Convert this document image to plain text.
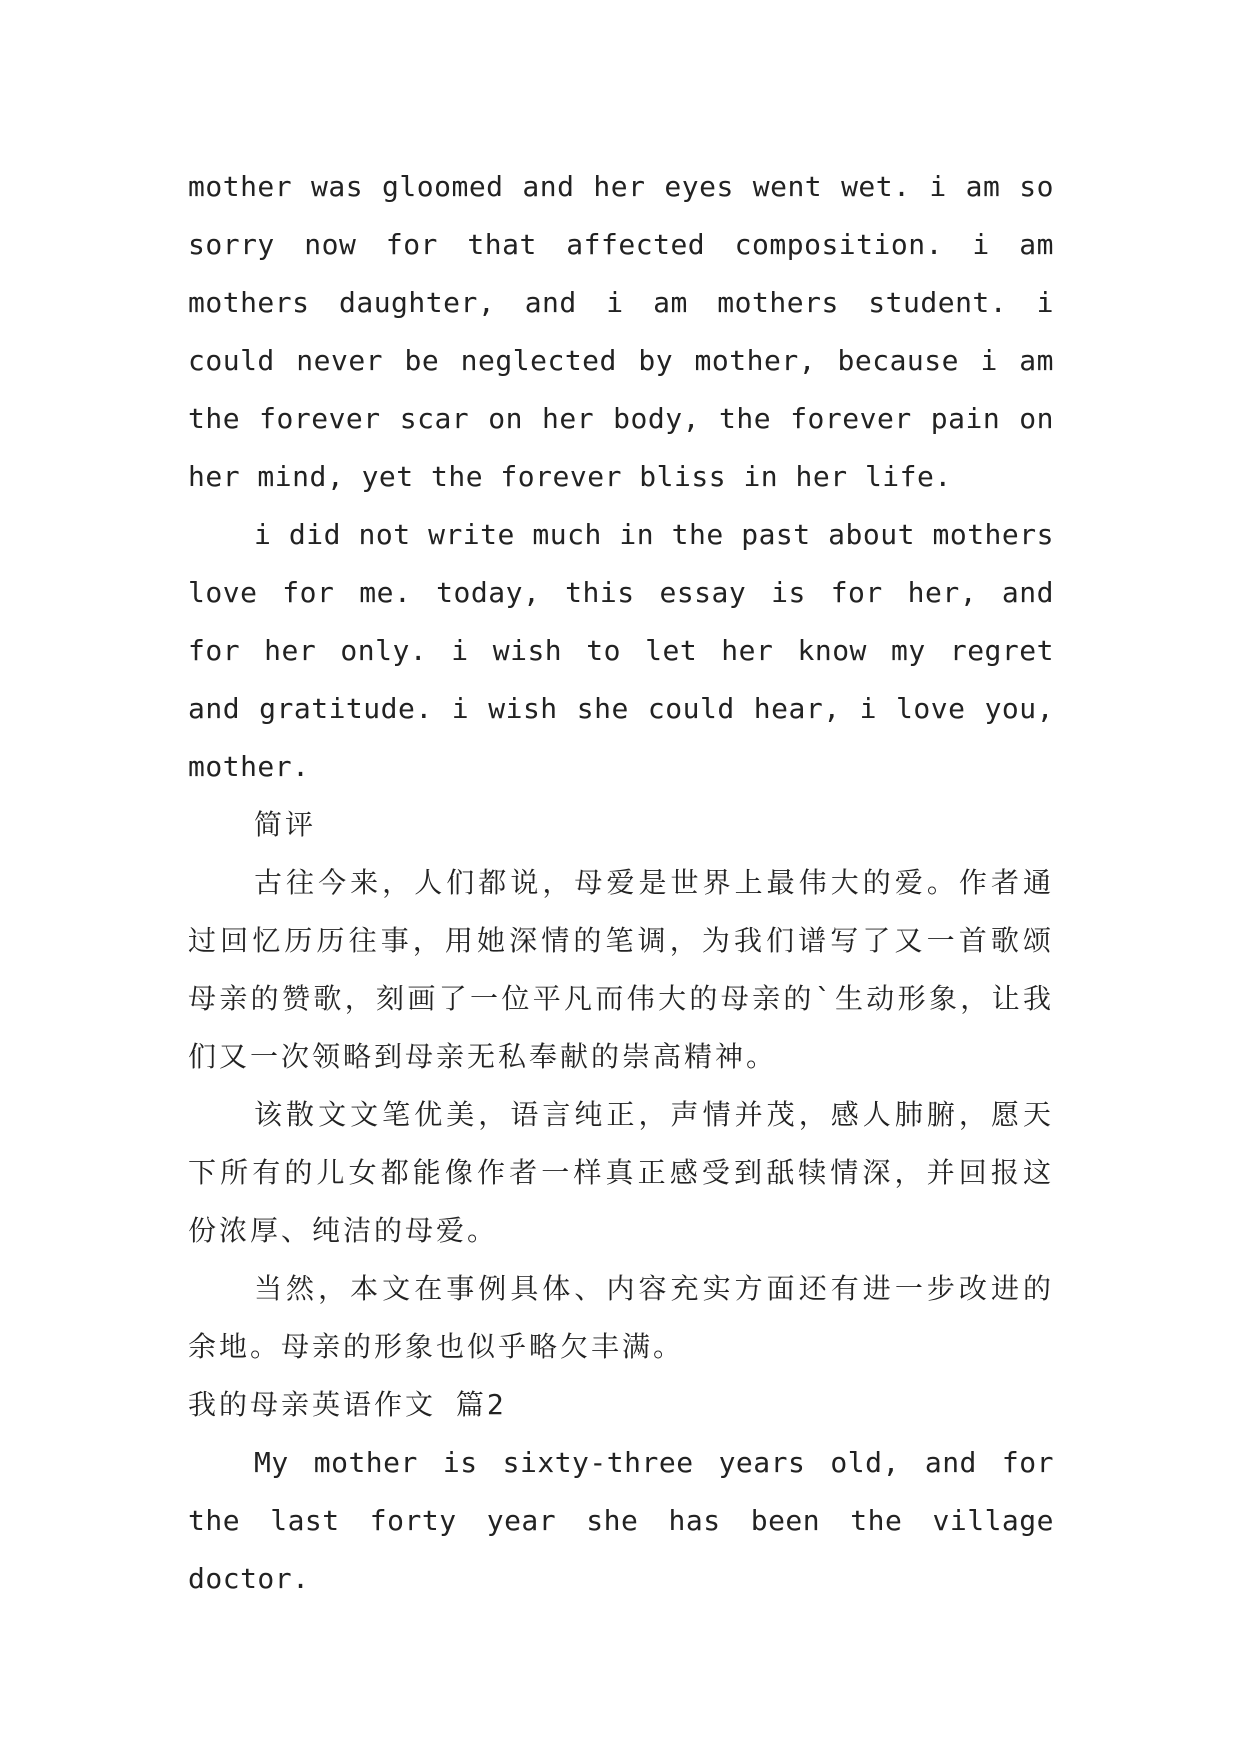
mother was gloomed and her eyes went wet. i am so sorry now for that affected composition. i am mothers daughter, and i am mothers student. i could never be neglected by mother, because i am the forever scar on her body, the forever pain on her mind, yet the forever bliss in her life.

i did not write much in the past about mothers love for me. today, this essay is for her, and for her only. i wish to let her know my regret and gratitude. i wish she could hear, i love you, mother.

简评

古往今来，人们都说，母爱是世界上最伟大的爱。作者通过回忆历历往事，用她深情的笔调，为我们谱写了又一首歌颂母亲的赞歌，刻画了一位平凡而伟大的母亲的`生动形象，让我们又一次领略到母亲无私奉献的崇高精神。

该散文文笔优美，语言纯正，声情并茂，感人肺腑，愿天下所有的儿女都能像作者一样真正感受到舐犊情深，并回报这份浓厚、纯洁的母爱。

当然，本文在事例具体、内容充实方面还有进一步改进的余地。母亲的形象也似乎略欠丰满。

我的母亲英语作文 篇2

My mother is sixty-three years old, and for the last forty year she has been the village doctor.
